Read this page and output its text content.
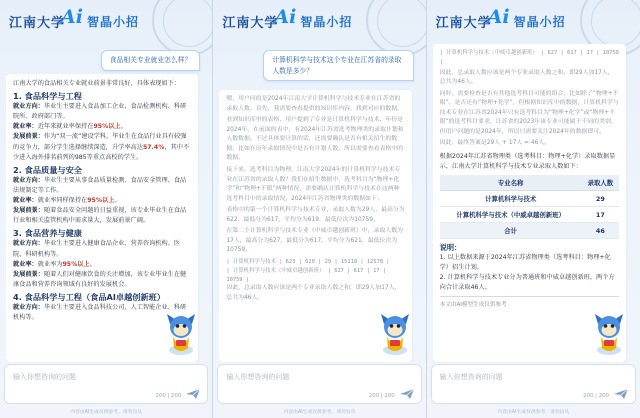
江南大学
Ai 智晶小招
食品相关专业就业怎么样？
江南大学的食品相关专业就业前景非常良好，具体表现如下：
1. 食品科学与工程
就业方向：毕业生主要进入食品加工企业、食品检测机构、科研院所、政府部门等。
就业率：近年来就业率保持在95%以上。
发展前景：作为“双一流”建设学科，毕业生在食品行业具有较强的竞争力，部分学生选择继续深造，升学率高达57.4%，其中不少进入海外排名前列的985等重点高校的学生。
2. 食品质量与安全
就业方向：毕业生主要从事食品质量检测、食品安全管理、食品法规制定等工作。
就业率：就业率同样保持在95%以上。
发展前景：随着食品安全问题的日益重视，该专业毕业生在食品行业和相关监管机构中需求量大，发展前景广阔。
3. 食品营养与健康
就业方向：毕业生主要进入健康食品企业、营养咨询机构、医院、科研机构等。
就业率：就业率为95%以上。
发展前景：随着人们对健康饮食的关注增加，该专业毕业生在健康食品和营养咨询领域有良好的发展机会。
4. 食品科学与工程（食品AI卓越创新班）
就业方向：毕业生主要进入食品科技公司、人工智能企业、科研机构等。
输入你想咨询的问题
200 | 200
内容由AI生成仅供参考，请勿盲从
江南大学
Ai 智晶小招
计算机科学与技术这个专业在江苏省的录取人数是多少？
嗯，用户问的是2024年江南大学计算机科学与技术专业在江苏省的录取人数。首先，我需要查看提供的知识库内容，找到对应的数据。
看到知识库里的表格，用户提到了专业是计算机科学与技术，年份是2024年。在前面的表中，有2024年江苏省选考物理类的录取计划和人数数据。不过具体要计算的话，还需要确认是否有相关招生的数据，比如在历年录取情况中是否有计划人数，所以需要查看表格中的数据。
接下来，选考科目为物理，江南大学2024年的计算机科学与技术专业在江苏省的录取人数？我们在招生数据中，选考科目为“物理+化学”和“物理+不限”两种情况，需要确认计算机科学与技术在这两种选考科目中的录取情况，2024年江苏省物理类的数据如下：
表格中的第一个计算机科学与技术专业，录取人数为29人，最高分为622，最低分为617，平均分为619，最低位次为10759。
在第二个计算机科学与技术专业（中威卓越创新班）中，录取人数为17人，最高分为627，最低分为617，平均分为621，最低位次为10759。
| 计算机科学与技术 | 623 | 620 | 29 | 15118 | 12578 |
| 计算机科学与技术（中威卓越创新班） | 627 | 617 | 17 | 10759 |
因此，总录取人数应该是两个专业录取人数之和，即29人加17人，总共为46人。
输入你想咨询的问题
200 | 200
内容由AI生成仅供参考，请勿盲从
江南大学
Ai 智晶小招
| 计算机科学与技术（中威卓越创新班） | 627 | 617 | 17 | 10759 |
因此，总录取人数应该是两个专业录取人数之和，即29人加17人，总共为46人。
同时，需要检查是否有其他选考科目可能的组合，比如除了“物理+不限”，是否还有“物理+化学”，但根据知识库中的数据，计算机科学与技术专业在江苏省2024年只有选考科目为“物理+化学”或“物理+不限”的选考科目要求，江苏省的2023年该专业可能属于不同的类别，但用户问题的是2024年，所以只需要关注2024年的数据即可。
因此，最终答案是29人 + 17人 = 46人。
根据2024年江苏省物理类（选考科目：物理+化学）录取数据显示，江南大学计算机科学与技术专业录取人数如下：
专业名称	录取人数
计算机科学与技术	29
计算机科学与技术（中威卓越创新班）	17
合计	46
说明：
1. 以上数据来源于2024年江苏省物理类（选考科目：物理+化学）招生计划。
2. 计算机科学与技术专业分为普通班和中威卓越创新班，两个方向合计录取46人。
本文由AI模型生成仅供参考
输入你想咨询的问题
200 | 200
内容由AI生成仅供参考，请勿盲从
